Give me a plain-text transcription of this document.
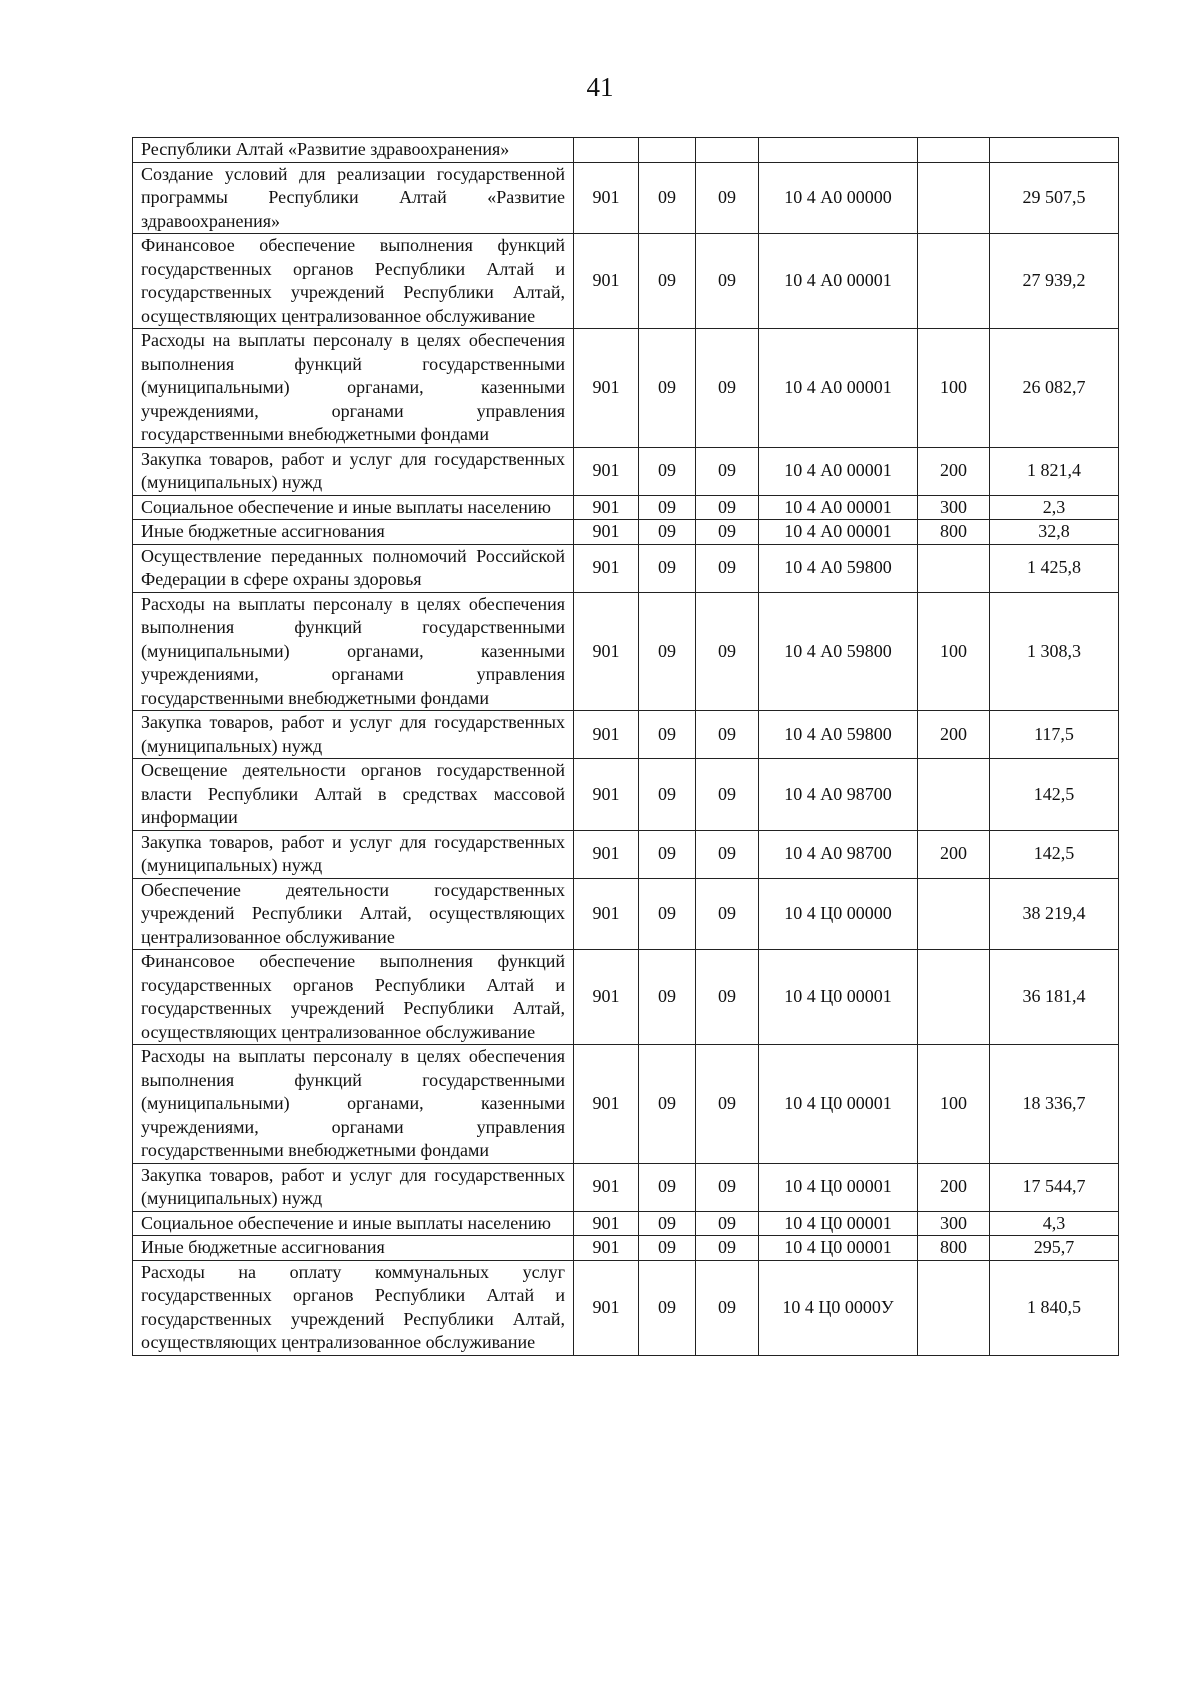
41
Республики Алтай «Развитие здравоохранения»						
Создание условий для реализации государственной программы Республики Алтай «Развитие здравоохранения»	901	09	09	10 4 А0 00000		29 507,5
Финансовое обеспечение выполнения функций государственных органов Республики Алтай и государственных учреждений Республики Алтай, осуществляющих централизованное обслуживание	901	09	09	10 4 А0 00001		27 939,2
Расходы на выплаты персоналу в целях обеспечения выполнения функций государственными (муниципальными) органами, казенными учреждениями, органами управления государственными внебюджетными фондами	901	09	09	10 4 А0 00001	100	26 082,7
Закупка товаров, работ и услуг для государственных (муниципальных) нужд	901	09	09	10 4 А0 00001	200	1 821,4
Социальное обеспечение и иные выплаты населению	901	09	09	10 4 А0 00001	300	2,3
Иные бюджетные ассигнования	901	09	09	10 4 А0 00001	800	32,8
Осуществление переданных полномочий Российской Федерации в сфере охраны здоровья	901	09	09	10 4 А0 59800		1 425,8
Расходы на выплаты персоналу в целях обеспечения выполнения функций государственными (муниципальными) органами, казенными учреждениями, органами управления государственными внебюджетными фондами	901	09	09	10 4 А0 59800	100	1 308,3
Закупка товаров, работ и услуг для государственных (муниципальных) нужд	901	09	09	10 4 А0 59800	200	117,5
Освещение деятельности органов государственной власти Республики Алтай в средствах массовой информации	901	09	09	10 4 А0 98700		142,5
Закупка товаров, работ и услуг для государственных (муниципальных) нужд	901	09	09	10 4 А0 98700	200	142,5
Обеспечение деятельности государственных учреждений Республики Алтай, осуществляющих централизованное обслуживание	901	09	09	10 4 Ц0 00000		38 219,4
Финансовое обеспечение выполнения функций государственных органов Республики Алтай и государственных учреждений Республики Алтай, осуществляющих централизованное обслуживание	901	09	09	10 4 Ц0 00001		36 181,4
Расходы на выплаты персоналу в целях обеспечения выполнения функций государственными (муниципальными) органами, казенными учреждениями, органами управления государственными внебюджетными фондами	901	09	09	10 4 Ц0 00001	100	18 336,7
Закупка товаров, работ и услуг для государственных (муниципальных) нужд	901	09	09	10 4 Ц0 00001	200	17 544,7
Социальное обеспечение и иные выплаты населению	901	09	09	10 4 Ц0 00001	300	4,3
Иные бюджетные ассигнования	901	09	09	10 4 Ц0 00001	800	295,7
Расходы на оплату коммунальных услуг государственных органов Республики Алтай и государственных учреждений Республики Алтай, осуществляющих централизованное обслуживание	901	09	09	10 4 Ц0 0000У		1 840,5
